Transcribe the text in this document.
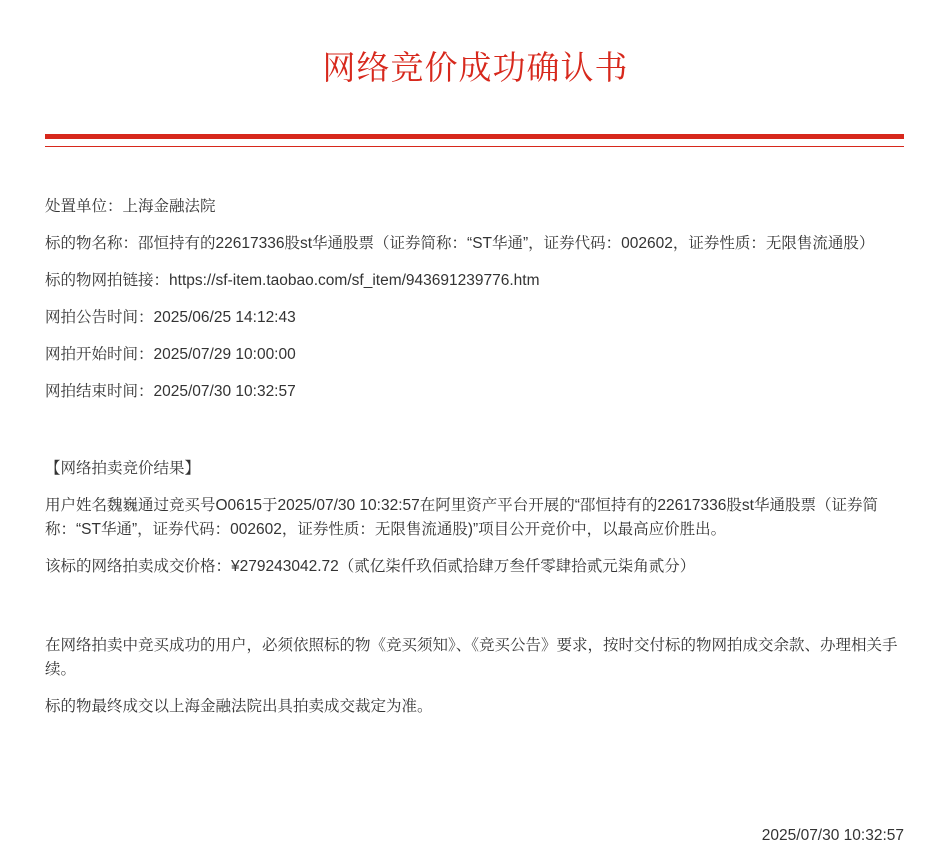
网络竞价成功确认书

处置单位：上海金融法院

标的物名称：邵恒持有的22617336股st华通股票（证券简称：“ST华通”，证券代码：002602，证券性质：无限售流通股）

标的物网拍链接：https://sf-item.taobao.com/sf_item/943691239776.htm

网拍公告时间：2025/06/25 14:12:43

网拍开始时间：2025/07/29 10:00:00

网拍结束时间：2025/07/30 10:32:57

【网络拍卖竞价结果】

用户姓名魏巍通过竞买号O0615于2025/07/30 10:32:57在阿里资产平台开展的“邵恒持有的22617336股st华通股票（证券简称：“ST华通”，证券代码：002602，证券性质：无限售流通股)”项目公开竞价中，以最高应价胜出。

该标的网络拍卖成交价格：¥279243042.72（贰亿柒仟玖佰贰拾肆万叁仟零肆拾贰元柒角贰分）

在网络拍卖中竞买成功的用户，必须依照标的物《竞买须知》、《竞买公告》要求，按时交付标的物网拍成交余款、办理相关手续。

标的物最终成交以上海金融法院出具拍卖成交裁定为准。

2025/07/30 10:32:57
